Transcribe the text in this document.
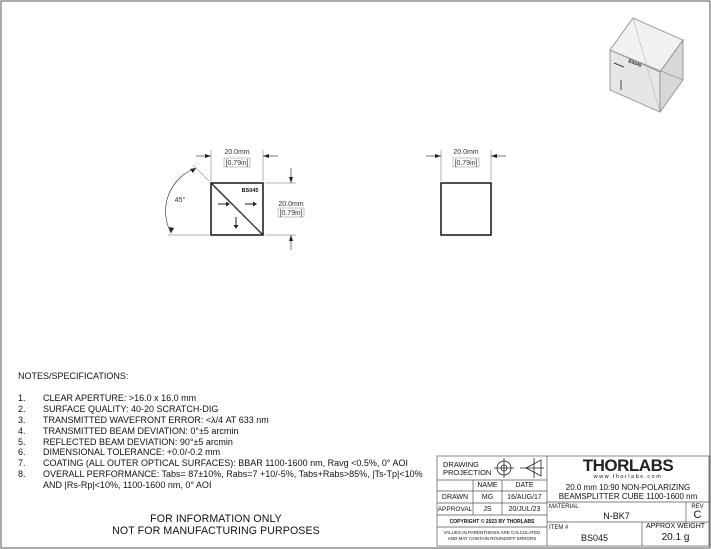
20.0mm
[0.79in]
20.0mm
[0.79in]
45°
BS045
20.0mm
[0.79in]
BS045
NOTES/SPECIFICATIONS:
1.	CLEAR APERTURE: >16.0 x 16.0 mm
2.	SURFACE QUALITY: 40-20 SCRATCH-DIG
3.	TRANSMITTED WAVEFRONT ERROR: <λ/4 AT 633 nm
4.	TRANSMITTED BEAM DEVIATION: 0°±5 arcmin
5.	REFLECTED BEAM DEVIATION: 90°±5 arcmin
6.	DIMENSIONAL TOLERANCE: +0.0/-0.2 mm
7.	COATING (ALL OUTER OPTICAL SURFACES): BBAR 1100-1600 nm, Ravg <0.5%, 0° AOI
8.	OVERALL PERFORMANCE: Tabs= 87±10%, Rabs=7 +10/-5%, Tabs+Rabs>85%, |Ts-Tp|<10% AND |Rs-Rp|<10%, 1100-1600 nm, 0° AOI
FOR INFORMATION ONLY
NOT FOR MANUFACTURING PURPOSES
DRAWING
PROJECTION
NAME	DATE
DRAWN	MG	16/AUG/17
APPROVAL	JS	20/JUL/23
COPYRIGHT © 2023 BY THORLABS
VALUES IN PARENTHESIS ARE CALCULATED
AND MAY CONTAIN ROUNDOFF ERRORS
THORLABS
www.thorlabs.com
20.0 mm 10:90 NON-POLARIZING
BEAMSPLITTER CUBE 1100-1600 nm
MATERIAL
N-BK7
REV
C
ITEM #
BS045
APPROX WEIGHT
20.1 g
